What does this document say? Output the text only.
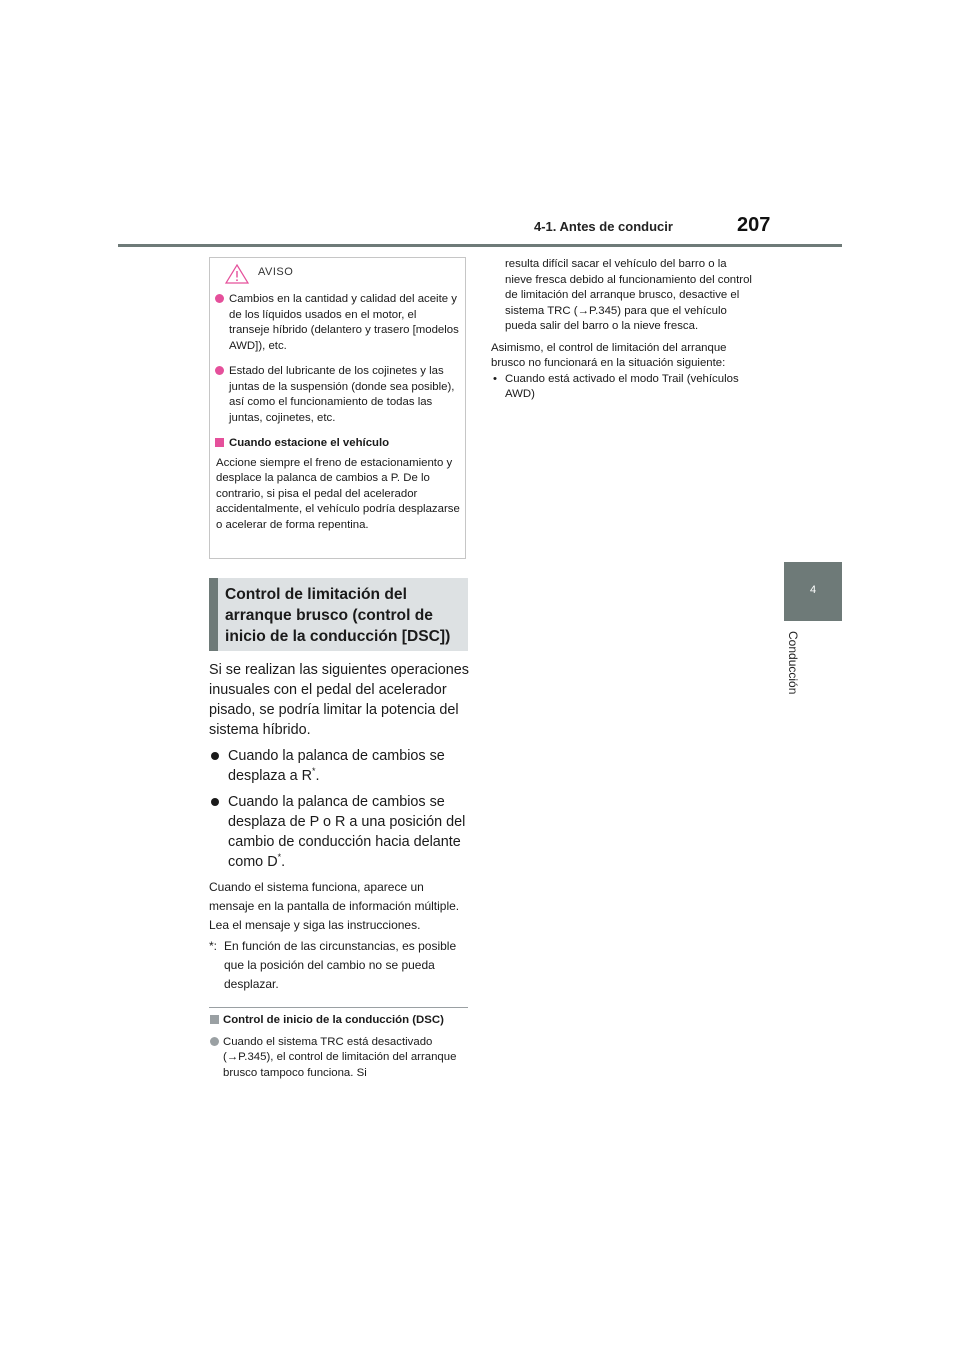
4-1. Antes de conducir	207
4
Conducción
AVISO
Cambios en la cantidad y calidad del aceite y de los líquidos usados en el motor, el transeje híbrido (delantero y trasero [modelos AWD]), etc.
Estado del lubricante de los cojinetes y las juntas de la suspensión (donde sea posible), así como el funcionamiento de todas las juntas, cojinetes, etc.
Cuando estacione el vehículo
Accione siempre el freno de estacionamiento y desplace la palanca de cambios a P. De lo contrario, si pisa el pedal del acelerador accidentalmente, el vehículo podría desplazarse o acelerar de forma repentina.
Control de limitación del arranque brusco (control de inicio de la conducción [DSC])

Si se realizan las siguientes operaciones inusuales con el pedal del acelerador pisado, se podría limitar la potencia del sistema híbrido.

Cuando la palanca de cambios se desplaza a R*.
Cuando la palanca de cambios se desplaza de P o R a una posición del cambio de conducción hacia delante como D*.

Cuando el sistema funciona, aparece un mensaje en la pantalla de información múltiple. Lea el mensaje y siga las instrucciones.

*: En función de las circunstancias, es posible que la posición del cambio no se pueda desplazar.
Control de inicio de la conducción (DSC)
Cuando el sistema TRC está desactivado (→P.345), el control de limitación del arranque brusco tampoco funciona. Si
resulta difícil sacar el vehículo del barro o la nieve fresca debido al funcionamiento del control de limitación del arranque brusco, desactive el sistema TRC (→P.345) para que el vehículo pueda salir del barro o la nieve fresca.
Asimismo, el control de limitación del arranque brusco no funcionará en la situación siguiente:
• Cuando está activado el modo Trail (vehículos AWD)
